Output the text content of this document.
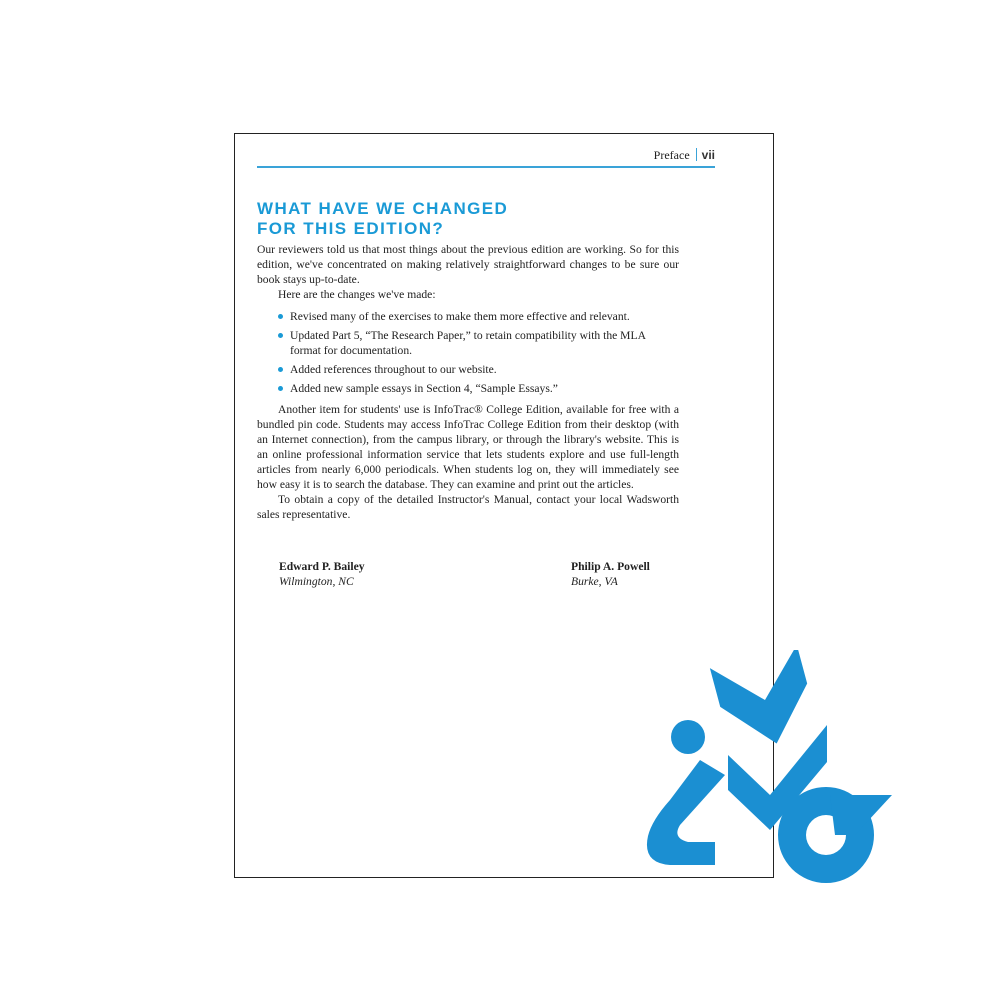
Preface vii
WHAT HAVE WE CHANGED
FOR THIS EDITION?

Our reviewers told us that most things about the previous edition are working. So for this edition, we've concentrated on making relatively straightforward changes to be sure our book stays up-to-date.

Here are the changes we've made:

Revised many of the exercises to make them more effective and relevant.
Updated Part 5, “The Research Paper,” to retain compatibility with the MLA format for documentation.
Added references throughout to our website.
Added new sample essays in Section 4, “Sample Essays.”

Another item for students' use is InfoTrac® College Edition, available for free with a bundled pin code. Students may access InfoTrac College Edition from their desktop (with an Internet connection), from the campus library, or through the library's website. This is an online professional information service that lets students explore and use full-length articles from nearly 6,000 periodicals. When students log on, they will immediately see how easy it is to search the database. They can examine and print out the articles.

To obtain a copy of the detailed Instructor's Manual, contact your local Wadsworth sales representative.

Edward P. Bailey
Wilmington, NC
Philip A. Powell
Burke, VA
